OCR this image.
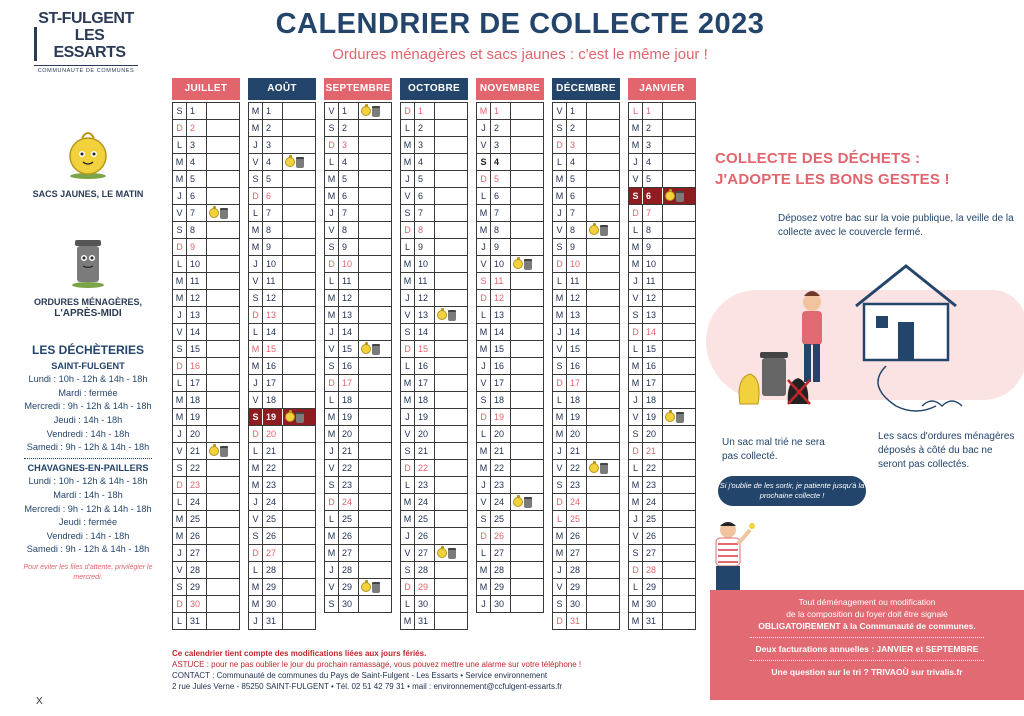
ST-FULGENT
LES ESSARTS
COMMUNAUTÉ DE COMMUNES
CALENDRIER DE COLLECTE 2023
Ordures ménagères et sacs jaunes : c'est le même jour !
SACS JAUNES, LE MATIN
ORDURES MÉNAGÈRES,
L'APRÈS-MIDI
LES DÉCHÈTERIES
SAINT-FULGENT
Lundi : 10h - 12h & 14h - 18h
Mardi : fermée
Mercredi : 9h - 12h & 14h - 18h
Jeudi : 14h - 18h
Vendredi : 14h - 18h
Samedi : 9h - 12h & 14h - 18h
CHAVAGNES-EN-PAILLERS
Lundi : 10h - 12h & 14h - 18h
Mardi : 14h - 18h
Mercredi : 9h - 12h & 14h - 18h
Jeudi : fermée
Vendredi : 14h - 18h
Samedi : 9h - 12h & 14h - 18h
Pour éviter les files d'attente, privilégier le mercredi.
JUILLET
S 1
D 2
L 3
M 4
M 5
J 6
V 7
S 8
D 9
L 10
M 11
M 12
J 13
V 14
S 15
D 16
L 17
M 18
M 19
J 20
V 21
S 22
D 23
L 24
M 25
M 26
J 27
V 28
S 29
D 30
L 31
AOÛT
M 1
M 2
J 3
V 4
S 5
D 6
L 7
M 8
M 9
J 10
V 11
S 12
D 13
L 14
M 15
M 16
J 17
V 18
S 19
D 20
L 21
M 22
M 23
J 24
V 25
S 26
D 27
L 28
M 29
M 30
J 31
SEPTEMBRE
V 1
S 2
D 3
L 4
M 5
M 6
J 7
V 8
S 9
D 10
L 11
M 12
M 13
J 14
V 15
S 16
D 17
L 18
M 19
M 20
J 21
V 22
S 23
D 24
L 25
M 26
M 27
J 28
V 29
S 30
OCTOBRE
D 1
L 2
M 3
M 4
J 5
V 6
S 7
D 8
L 9
M 10
M 11
J 12
V 13
S 14
D 15
L 16
M 17
M 18
J 19
V 20
S 21
D 22
L 23
M 24
M 25
J 26
V 27
S 28
D 29
L 30
M 31
NOVEMBRE
M 1
J 2
V 3
S 4
D 5
L 6
M 7
M 8
J 9
V 10
S 11
D 12
L 13
M 14
M 15
J 16
V 17
S 18
D 19
L 20
M 21
M 22
J 23
V 24
S 25
D 26
L 27
M 28
M 29
J 30
DÉCEMBRE
V 1
S 2
D 3
L 4
M 5
M 6
J 7
V 8
S 9
D 10
L 11
M 12
M 13
J 14
V 15
S 16
D 17
L 18
M 19
M 20
J 21
V 22
S 23
D 24
L 25
M 26
M 27
J 28
V 29
S 30
D 31
JANVIER
L 1
M 2
M 3
J 4
V 5
S 6
D 7
L 8
M 9
M 10
J 11
V 12
S 13
D 14
L 15
M 16
M 17
J 18
V 19
S 20
D 21
L 22
M 23
M 24
J 25
V 26
S 27
D 28
L 29
M 30
M 31
Ce calendrier tient compte des modifications liées aux jours fériés.
ASTUCE : pour ne pas oublier le jour du prochain ramassage, vous pouvez mettre une alarme sur votre téléphone !
CONTACT : Communauté de communes du Pays de Saint-Fulgent - Les Essarts • Service environnement
2 rue Jules Verne - 85250 SAINT-FULGENT • Tél. 02 51 42 79 31 • mail : environnement@ccfulgent-essarts.fr
X
COLLECTE DES DÉCHETS :
J'ADOPTE LES BONS GESTES !
Déposez votre bac sur la voie publique, la veille de la collecte avec le couvercle fermé.
Un sac mal trié ne sera pas collecté.
Les sacs d'ordures ménagères déposés à côté du bac ne seront pas collectés.
Si j'oublie de les sortir, je patiente jusqu'à la prochaine collecte !
Tout déménagement ou modification
de la composition du foyer doit être signalé
OBLIGATOIREMENT à la Communauté de communes.
Deux facturations annuelles : JANVIER et SEPTEMBRE
Une question sur le tri ? TRIVAOÙ sur trivalis.fr
